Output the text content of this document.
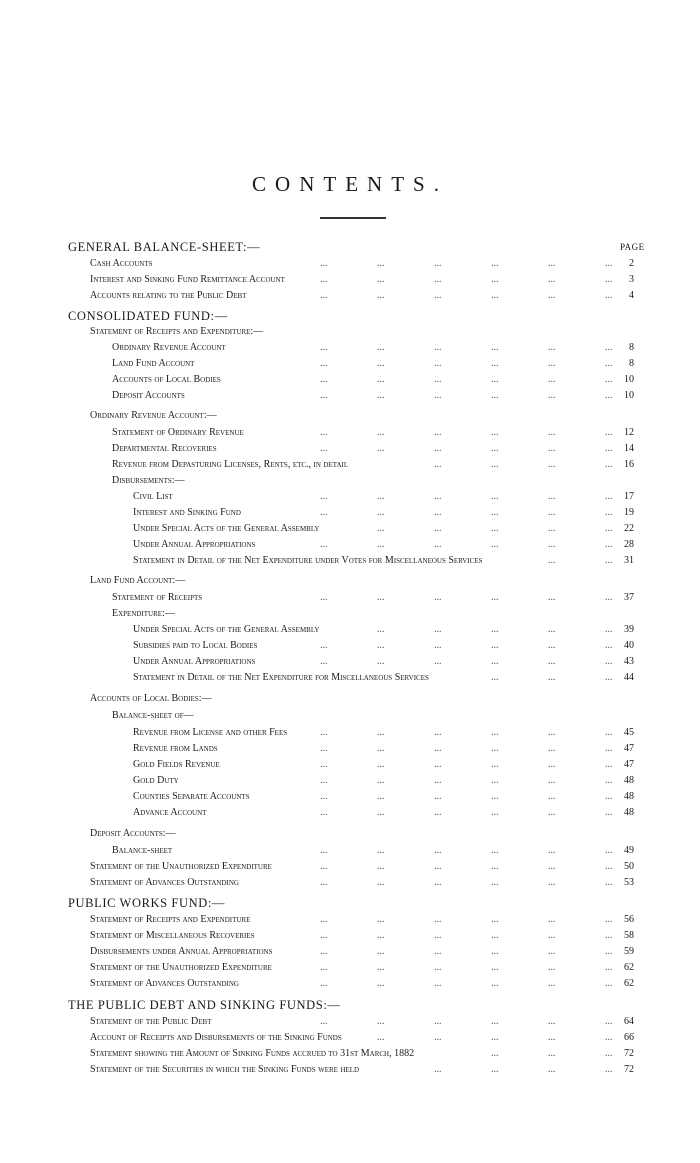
CONTENTS.
PAGE
GENERAL BALANCE-SHEET:—
Cash Accounts	2
...	...	...	...	...	...
Interest and Sinking Fund Remittance Account	3
...	...	...	...	...	...
Accounts relating to the Public Debt	4
...	...	...	...	...	...
CONSOLIDATED FUND:—
Statement of Receipts and Expenditure:—
Ordinary Revenue Account	8
...	...	...	...	...	...
Land Fund Account	8
...	...	...	...	...	...
Accounts of Local Bodies	10
...	...	...	...	...	...
Deposit Accounts	10
...	...	...	...	...	...
Ordinary Revenue Account:—
Statement of Ordinary Revenue	12
...	...	...	...	...	...
Departmental Recoveries	14
...	...	...	...	...	...
Revenue from Depasturing Licenses, Rents, etc., in detail	16
...	...	...	...
Disbursements:—
Civil List	17
...	...	...	...	...	...
Interest and Sinking Fund	19
...	...	...	...	...	...
Under Special Acts of the General Assembly	22
...	...	...	...	...
Under Annual Appropriations	28
...	...	...	...	...	...
Statement in Detail of the Net Expenditure under Votes for Miscellaneous Services	31
...	...
Land Fund Account:—
Statement of Receipts	37
...	...	...	...	...	...
Expenditure:—
Under Special Acts of the General Assembly	39
...	...	...	...	...
Subsidies paid to Local Bodies	40
...	...	...	...	...	...
Under Annual Appropriations	43
...	...	...	...	...	...
Statement in Detail of the Net Expenditure for Miscellaneous Services	44
...	...	...
Accounts of Local Bodies:—
Balance-sheet of—
Revenue from License and other Fees	45
...	...	...	...	...	...
Revenue from Lands	47
...	...	...	...	...	...
Gold Fields Revenue	47
...	...	...	...	...	...
Gold Duty	48
...	...	...	...	...	...
Counties Separate Accounts	48
...	...	...	...	...	...
Advance Account	48
...	...	...	...	...	...
Deposit Accounts:—
Balance-sheet	49
...	...	...	...	...	...
Statement of the Unauthorized Expenditure	50
...	...	...	...	...	...
Statement of Advances Outstanding	53
...	...	...	...	...	...
PUBLIC WORKS FUND:—
Statement of Receipts and Expenditure	56
...	...	...	...	...	...
Statement of Miscellaneous Recoveries	58
...	...	...	...	...	...
Disbursements under Annual Appropriations	59
...	...	...	...	...	...
Statement of the Unauthorized Expenditure	62
...	...	...	...	...	...
Statement of Advances Outstanding	62
...	...	...	...	...	...
THE PUBLIC DEBT AND SINKING FUNDS:—
Statement of the Public Debt	64
...	...	...	...	...	...
Account of Receipts and Disbursements of the Sinking Funds	66
...	...	...	...	...
Statement showing the Amount of Sinking Funds accrued to 31st March, 1882	72
...	...	...
Statement of the Securities in which the Sinking Funds were held	72
...	...	...	...
